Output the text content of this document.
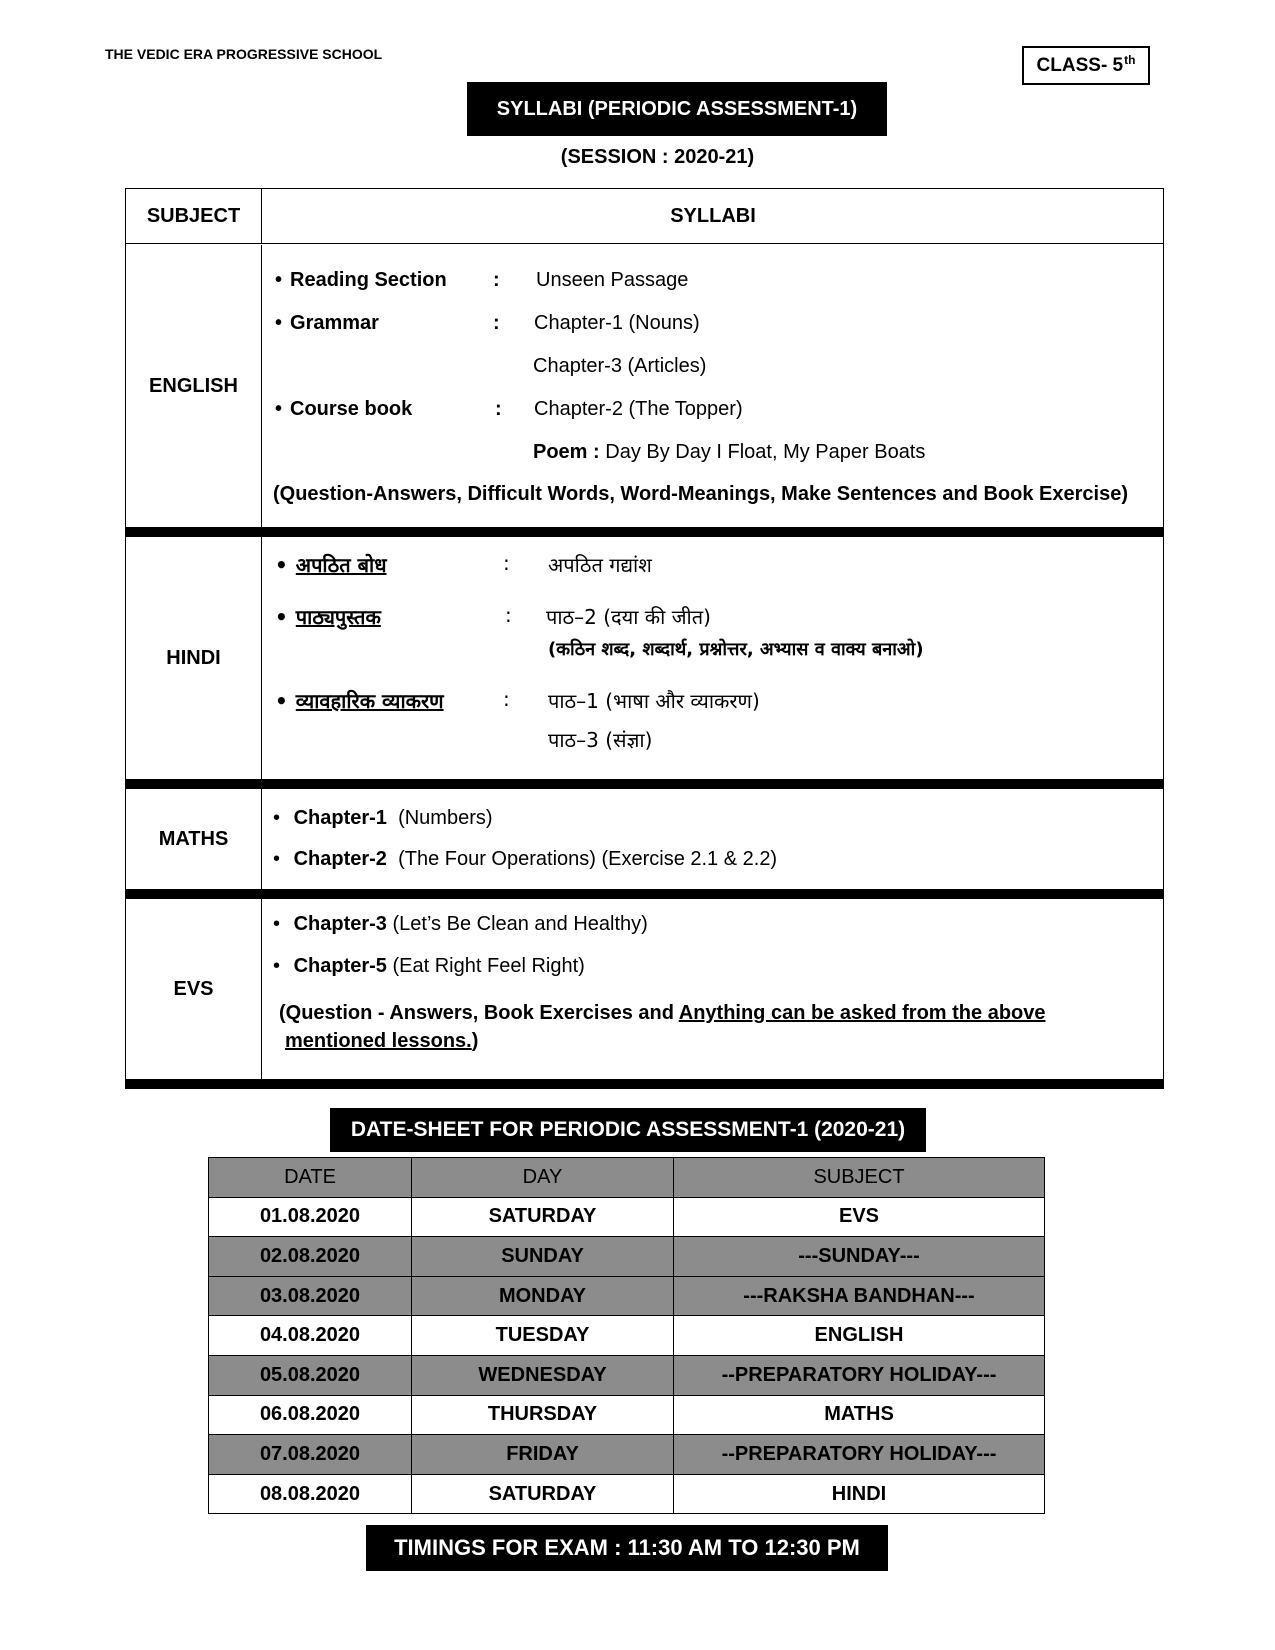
THE VEDIC ERA PROGRESSIVE SCHOOL
CLASS- 5th
SYLLABI (PERIODIC ASSESSMENT-1)
(SESSION : 2020-21)
SUBJECT	SYLLABI
ENGLISH
• Reading Section : Unseen Passage
• Grammar	: Chapter-1 (Nouns)
Chapter-3 (Articles)
• Course book	: Chapter-2 (The Topper)
Poem : Day By Day I Float, My Paper Boats
(Question-Answers, Difficult Words, Word-Meanings, Make Sentences and Book Exercise)
HINDI
• अपठित बोध	: अपठित गद्यांश
• पाठ्यपुस्तक	: पाठ–2 (दया की जीत)
(कठिन शब्द, शब्दार्थ, प्रश्नोत्तर, अभ्यास व वाक्य बनाओ)
• व्यावहारिक व्याकरण	: पाठ–1 (भाषा और व्याकरण)
पाठ–3 (संज्ञा)
MATHS
• Chapter-1 (Numbers)
• Chapter-2 (The Four Operations) (Exercise 2.1 & 2.2)
EVS
• Chapter-3 (Let’s Be Clean and Healthy)
• Chapter-5 (Eat Right Feel Right)
(Question - Answers, Book Exercises and Anything can be asked from the above
mentioned lessons.)
DATE-SHEET FOR PERIODIC ASSESSMENT-1 (2020-21)
DATE	DAY	SUBJECT
01.08.2020	SATURDAY	EVS
02.08.2020	SUNDAY	---SUNDAY---
03.08.2020	MONDAY	---RAKSHA BANDHAN---
04.08.2020	TUESDAY	ENGLISH
05.08.2020	WEDNESDAY	--PREPARATORY HOLIDAY---
06.08.2020	THURSDAY	MATHS
07.08.2020	FRIDAY	--PREPARATORY HOLIDAY---
08.08.2020	SATURDAY	HINDI
TIMINGS FOR EXAM : 11:30 AM TO 12:30 PM
